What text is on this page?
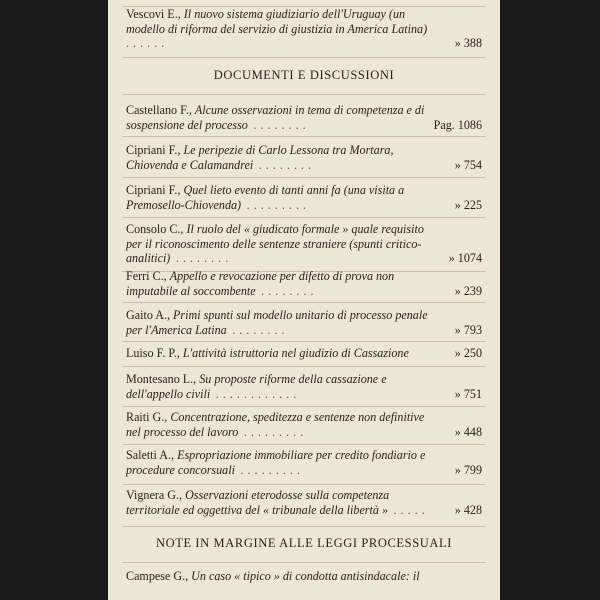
Vescovi E., Il nuovo sistema giudiziario dell'Uruguay (un modello di riforma del servizio di giustizia in America Latina) . . . . . .	» 388
DOCUMENTI E DISCUSSIONI
Castellano F., Alcune osservazioni in tema di competenza e di sospensione del processo . . . . . . . .	Pag. 1086
Cipriani F., Le peripezie di Carlo Lessona tra Mortara, Chiovenda e Calamandrei . . . . . . . .	» 754
Cipriani F., Quel lieto evento di tanti anni fa (una visita a Premosello-Chiovenda) . . . . . . . . .	» 225
Consolo C., Il ruolo del « giudicato formale » quale requisito per il riconoscimento delle sentenze straniere (spunti critico-analitici) . . . . . . . .	» 1074
Ferri C., Appello e revocazione per difetto di prova non imputabile al soccombente . . . . . . . .	» 239
Gaito A., Primi spunti sul modello unitario di processo penale per l'America Latina . . . . . . . .	» 793
Luiso F. P., L'attività istruttoria nel giudizio di Cassazione	» 250
Montesano L., Su proposte riforme della cassazione e dell'appello civili . . . . . . . . . . . .	» 751
Raiti G., Concentrazione, speditezza e sentenze non definitive nel processo del lavoro . . . . . . . . .	» 448
Saletti A., Espropriazione immobiliare per credito fondiario e procedure concorsuali . . . . . . . . .	» 799
Vignera G., Osservazioni eterodosse sulla competenza territoriale ed oggettiva del « tribunale della libertà » . . . . .	» 428
NOTE IN MARGINE ALLE LEGGI PROCESSUALI
Campese G., Un caso « tipico » di condotta antisindacale: il
